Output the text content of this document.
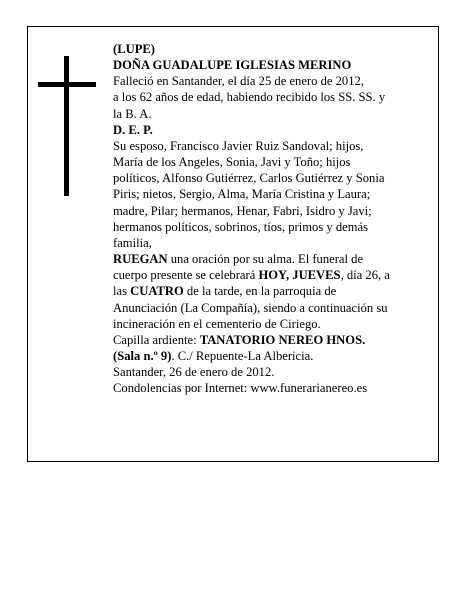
(LUPE)
DOÑA GUADALUPE IGLESIAS MERINO
Falleció en Santander, el día 25 de enero de 2012,
a los 62 años de edad, habiendo recibido los SS. SS. y
la B. A.
D. E. P.
Su esposo, Francisco Javier Ruiz Sandoval; hijos,
María de los Angeles, Sonia, Javi y Toño; hijos
políticos, Alfonso Gutiérrez, Carlos Gutiérrez y Sonia
Piris; nietos, Sergio, Alma, María Cristina y Laura;
madre, Pilar; hermanos, Henar, Fabri, Isidro y Javi;
hermanos políticos, sobrinos, tíos, primos y demás
familia,
RUEGAN una oración por su alma. El funeral de
cuerpo presente se celebrará HOY, JUEVES, día 26, a
las CUATRO de la tarde, en la parroquia de
Anunciación (La Compañía), siendo a continuación su
incineración en el cementerio de Ciriego.
Capilla ardiente: TANATORIO NEREO HNOS.
(Sala n.º 9). C./ Repuente-La Albericia.
Santander, 26 de enero de 2012.
Condolencias por Internet: www.funerarianereo.es
